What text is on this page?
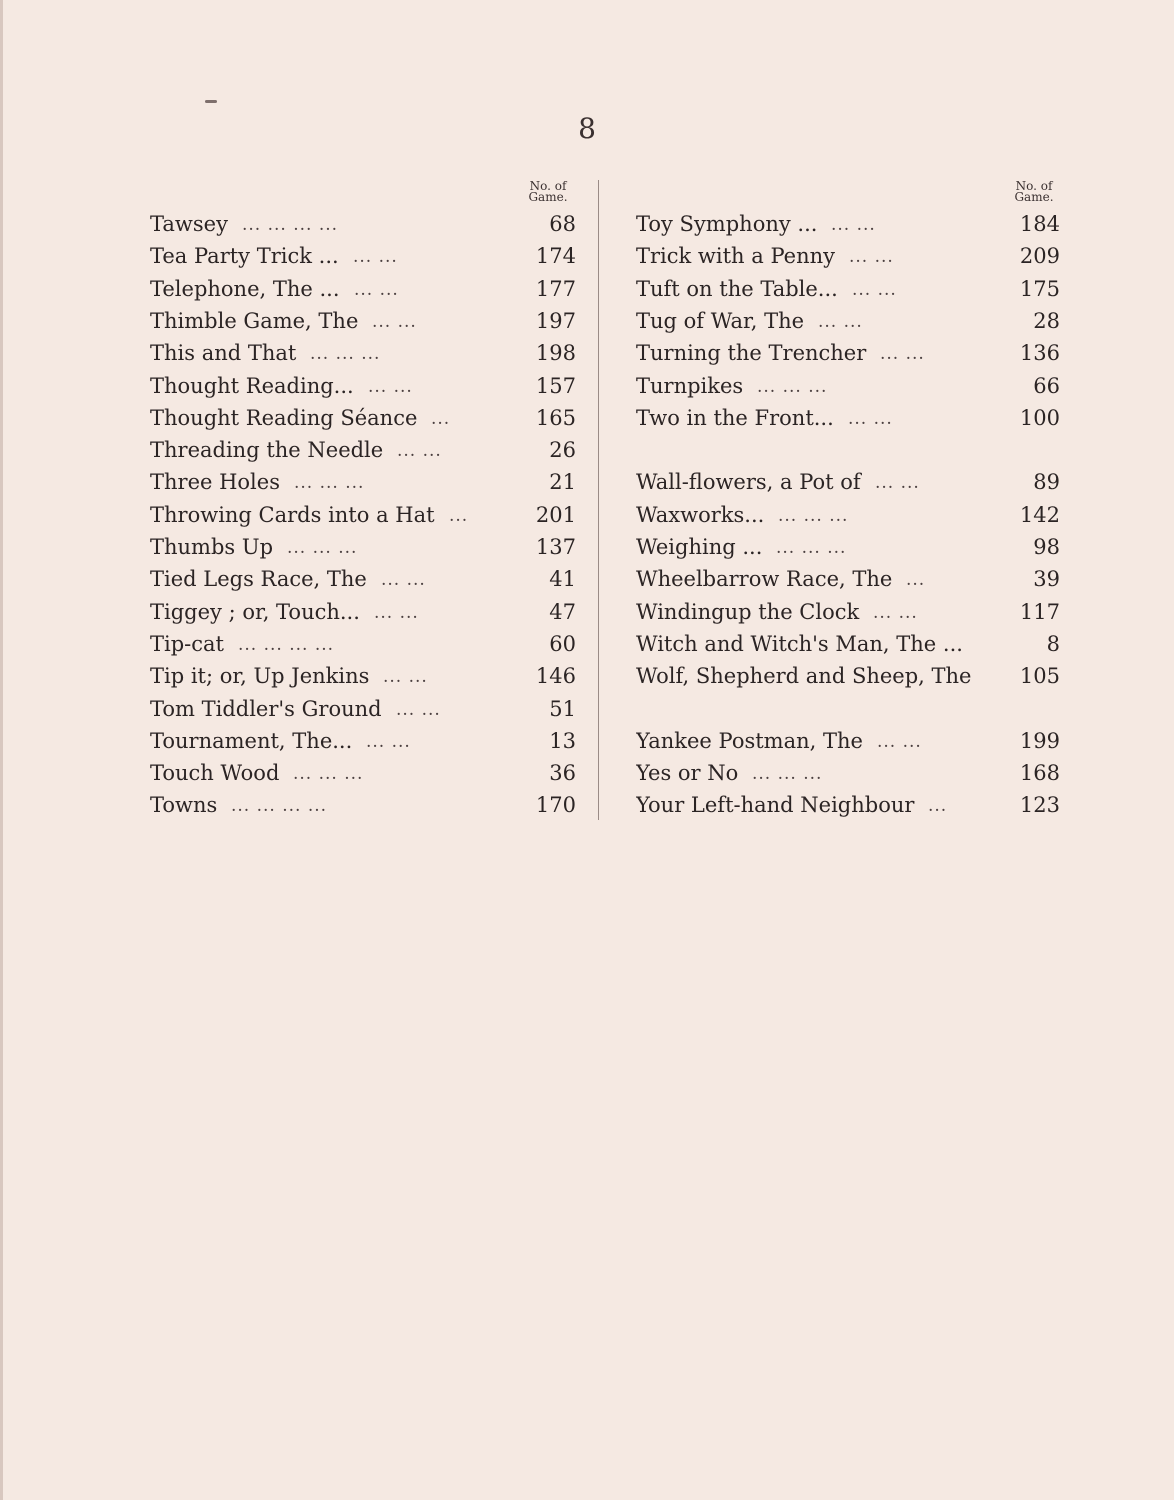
8
No. of
Game.
No. of
Game.
Tawsey ... ... ... ...	68
Tea Party Trick ... ... ...	174
Telephone, The ... ... ...	177
Thimble Game, The ... ...	197
This and That ... ... ...	198
Thought Reading... ... ...	157
Thought Reading Séance ...	165
Threading the Needle ... ...	26
Three Holes ... ... ...	21
Throwing Cards into a Hat ...	201
Thumbs Up ... ... ...	137
Tied Legs Race, The ... ...	41
Tiggey ; or, Touch... ... ...	47
Tip-cat ... ... ... ...	60
Tip it; or, Up Jenkins ... ...	146
Tom Tiddler's Ground ... ...	51
Tournament, The... ... ...	13
Touch Wood ... ... ...	36
Towns ... ... ... ...	170
Toy Symphony ... ... ...	184
Trick with a Penny ... ...	209
Tuft on the Table... ... ...	175
Tug of War, The ... ...	28
Turning the Trencher ... ...	136
Turnpikes ... ... ...	66
Two in the Front... ... ...	100
Wall-flowers, a Pot of ... ...	89
Waxworks... ... ... ...	142
Weighing ... ... ... ...	98
Wheelbarrow Race, The ...	39
Windingup the Clock ... ...	117
Witch and Witch's Man, The ...	8
Wolf, Shepherd and Sheep, The	105
Yankee Postman, The ... ...	199
Yes or No ... ... ...	168
Your Left-hand Neighbour ...	123
